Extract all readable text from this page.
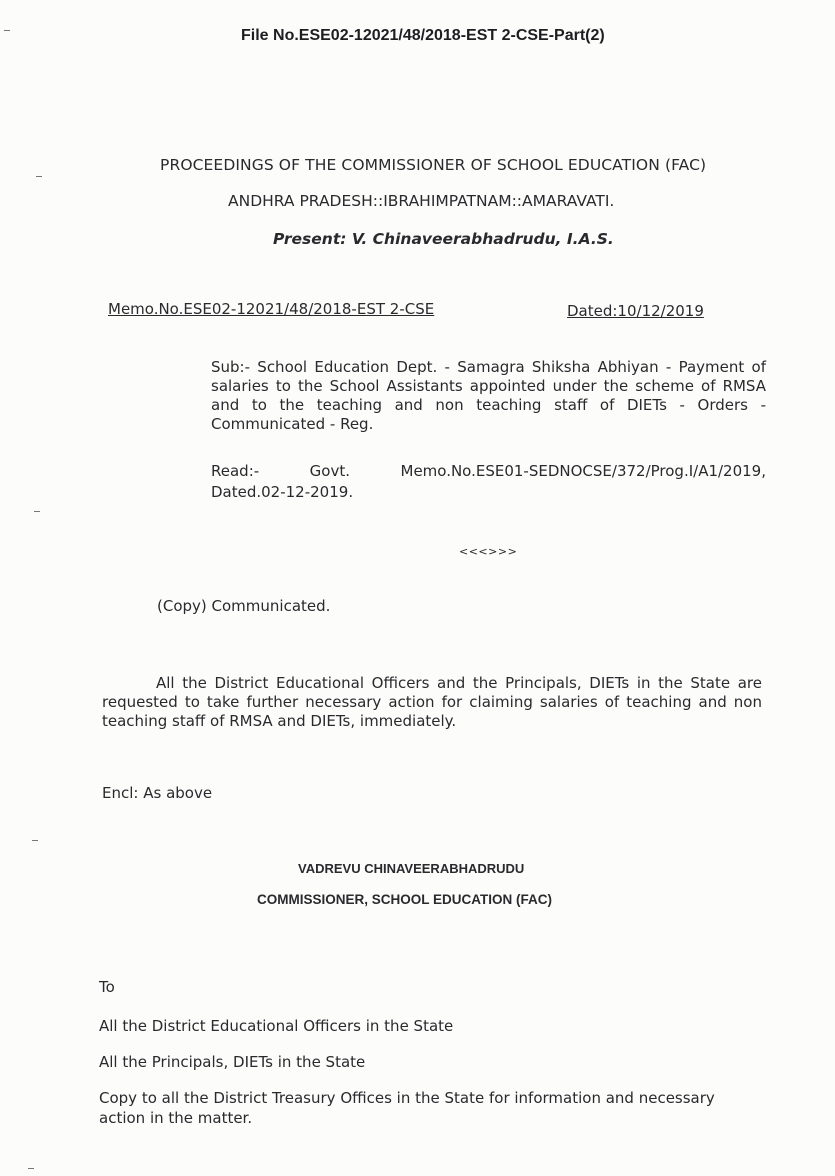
File No.ESE02-12021/48/2018-EST 2-CSE-Part(2)

PROCEEDINGS OF THE COMMISSIONER OF SCHOOL EDUCATION (FAC)

ANDHRA PRADESH::IBRAHIMPATNAM::AMARAVATI.

Present: V. Chinaveerabhadrudu, I.A.S.

Memo.No.ESE02-12021/48/2018-EST 2-CSE	Dated:10/12/2019

Sub:- School Education Dept. - Samagra Shiksha Abhiyan - Payment of salaries to the School Assistants appointed under the scheme of RMSA and to the teaching and non teaching staff of DIETs - Orders - Communicated - Reg.

Read:-	Govt.	Memo.No.ESE01-SEDNOCSE/372/Prog.I/A1/2019,
Dated.02-12-2019.

<<<>>>

(Copy) Communicated.

All the District Educational Officers and the Principals, DIETs in the State are requested to take further necessary action for claiming salaries of teaching and non teaching staff of RMSA and DIETs, immediately.

Encl: As above

VADREVU CHINAVEERABHADRUDU

COMMISSIONER, SCHOOL EDUCATION (FAC)

To

All the District Educational Officers in the State

All the Principals, DIETs in the State

Copy to all the District Treasury Offices in the State for information and necessary action in the matter.
